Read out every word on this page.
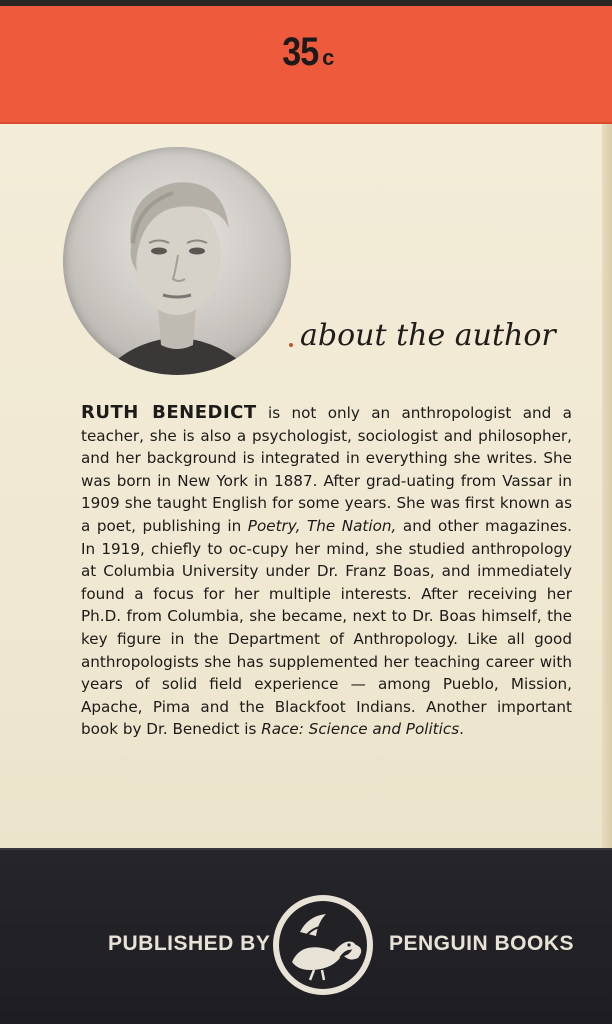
35 c
about the author
RUTH BENEDICT is not only an anthropologist and a teacher, she is also a psychologist, sociologist and philosopher, and her background is integrated in everything she writes. She was born in New York in 1887. After grad-uating from Vassar in 1909 she taught English for some years. She was first known as a poet, publishing in Poetry, The Nation, and other magazines. In 1919, chiefly to oc-cupy her mind, she studied anthropology at Columbia University under Dr. Franz Boas, and immediately found a focus for her multiple interests. After receiving her Ph.D. from Columbia, she became, next to Dr. Boas himself, the key figure in the Department of Anthropology. Like all good anthropologists she has supplemented her teaching career with years of solid field experience — among Pueblo, Mission, Apache, Pima and the Blackfoot Indians. Another important book by Dr. Benedict is Race: Science and Politics.
PUBLISHED BY	PENGUIN BOOKS
